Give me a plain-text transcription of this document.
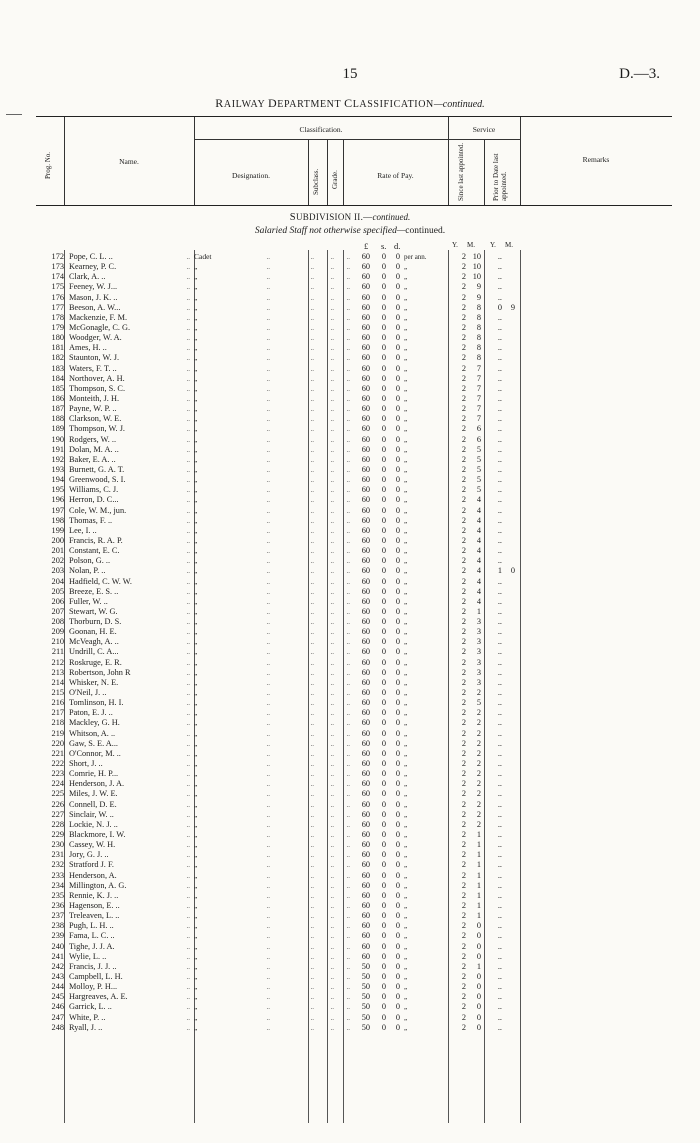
15	D.—3.
RAILWAY DEPARTMENT CLASSIFICATION—continued.
Prog. No.	Name.
Classification.
Designation.	Subclass. Grade.	Rate of Pay.
Service
Since last appointed.	Prior to Date last appointed.
Remarks
SUBDIVISION II.—continued.
Salaried Staff not otherwise specified—continued.
£ s. d.	Y. M. Y. M.
172 Pope, C. L. ..	.. Cadet	..	..	..	..	60	0	0 per ann.	2 10	..
173 Kearney, P. C.	.. „	..	..	..	..	60	0	0 „	2 10	..
174 Clark, A. ..	.. „	..	..	..	..	60	0	0 „	2 10	..
175 Feeney, W. J...	.. „	..	..	..	..	60	0	0 „	2	9	..
176 Mason, J. K. ..	.. „	..	..	..	..	60	0	0 „	2	9	..
177 Beeson, A. W...	.. „	..	..	..	..	60	0	0 „	2	8	0	9
178 Mackenzie, F. M.	.. „	..	..	..	..	60	0	0 „	2	8	..
179 McGonagle, C. G.	.. „	..	..	..	..	60	0	0 „	2	8	..
180 Woodger, W. A.	.. „	..	..	..	..	60	0	0 „	2	8	..
181 Ames, H. ..	.. „	..	..	..	..	60	0	0 „	2	8	..
182 Staunton, W. J.	.. „	..	..	..	..	60	0	0 „	2	8	..
183 Waters, F. T. ..	.. „	..	..	..	..	60	0	0 „	2	7	..
184 Northover, A. H.	.. „	..	..	..	..	60	0	0 „	2	7	..
185 Thompson, S. C.	.. „	..	..	..	..	60	0	0 „	2	7	..
186 Monteith, J. H.	.. „	..	..	..	..	60	0	0 „	2	7	..
187 Payne, W. P. ..	.. „	..	..	..	..	60	0	0 „	2	7	..
188 Clarkson, W. E.	.. „	..	..	..	..	60	0	0 „	2	7	..
189 Thompson, W. J.	.. „	..	..	..	..	60	0	0 „	2	6	..
190 Rodgers, W. ..	.. „	..	..	..	..	60	0	0 „	2	6	..
191 Dolan, M. A. ..	.. „	..	..	..	..	60	0	0 „	2	5	..
192 Baker, E. A. ..	.. „	..	..	..	..	60	0	0 „	2	5	..
193 Burnett, G. A. T.	.. „	..	..	..	..	60	0	0 „	2	5	..
194 Greenwood, S. I.	.. „	..	..	..	..	60	0	0 „	2	5	..
195 Williams, C. J.	.. „	..	..	..	..	60	0	0 „	2	5	..
196 Herron, D. C...	.. „	..	..	..	..	60	0	0 „	2	4	..
197 Cole, W. M., jun.	.. „	..	..	..	..	60	0	0 „	2	4	..
198 Thomas, F. ..	.. „	..	..	..	..	60	0	0 „	2	4	..
199 Lee, I. ..	.. „	..	..	..	..	60	0	0 „	2	4	..
200 Francis, R. A. P.	.. „	..	..	..	..	60	0	0 „	2	4	..
201 Constant, E. C.	.. „	..	..	..	..	60	0	0 „	2	4	..
202 Polson, G. ..	.. „	..	..	..	..	60	0	0 „	2	4	..
203 Nolan, P. ..	.. „	..	..	..	..	60	0	0 „	2	4	1	0
204 Hadfield, C. W. W.	.. „	..	..	..	..	60	0	0 „	2	4	..
205 Breeze, E. S. ..	.. „	..	..	..	..	60	0	0 „	2	4	..
206 Fuller, W. ..	.. „	..	..	..	..	60	0	0 „	2	4	..
207 Stewart, W. G.	.. „	..	..	..	..	60	0	0 „	2	1	..
208 Thorburn, D. S.	.. „	..	..	..	..	60	0	0 „	2	3	..
209 Goonan, H. E.	.. „	..	..	..	..	60	0	0 „	2	3	..
210 McVeagh, A. ..	.. „	..	..	..	..	60	0	0 „	2	3	..
211 Undrill, C. A...	.. „	..	..	..	..	60	0	0 „	2	3	..
212 Roskruge, E. R.	.. „	..	..	..	..	60	0	0 „	2	3	..
213 Robertson, John R	.. „	..	..	..	..	60	0	0 „	2	3	..
214 Whisker, N. E.	.. „	..	..	..	..	60	0	0 „	2	3	..
215 O'Neil, J. ..	.. „	..	..	..	..	60	0	0 „	2	2	..
216 Tomlinson, H. I.	.. „	..	..	..	..	60	0	0 „	2	5	..
217 Paton, E. J. ..	.. „	..	..	..	..	60	0	0 „	2	2	..
218 Mackley, G. H.	.. „	..	..	..	..	60	0	0 „	2	2	..
219 Whitson, A. ..	.. „	..	..	..	..	60	0	0 „	2	2	..
220 Gaw, S. E. A...	.. „	..	..	..	..	60	0	0 „	2	2	..
221 O'Connor, M. ..	.. „	..	..	..	..	60	0	0 „	2	2	..
222 Short, J. ..	.. „	..	..	..	..	60	0	0 „	2	2	..
223 Comrie, H. P...	.. „	..	..	..	..	60	0	0 „	2	2	..
224 Henderson, J. A.	.. „	..	..	..	..	60	0	0 „	2	2	..
225 Miles, J. W. E.	.. „	..	..	..	..	60	0	0 „	2	2	..
226 Connell, D. E.	.. „	..	..	..	..	60	0	0 „	2	2	..
227 Sinclair, W. ..	.. „	..	..	..	..	60	0	0 „	2	2	..
228 Lockie, N. J. ..	.. „	..	..	..	..	60	0	0 „	2	2	..
229 Blackmore, I. W.	.. „	..	..	..	..	60	0	0 „	2	1	..
230 Cassey, W. H.	.. „	..	..	..	..	60	0	0 „	2	1	..
231 Jory, G. J. ..	.. „	..	..	..	..	60	0	0 „	2	1	..
232 Stratford J. F.	.. „	..	..	..	..	60	0	0 „	2	1	..
233 Henderson, A.	.. „	..	..	..	..	60	0	0 „	2	1	..
234 Millington, A. G.	.. „	..	..	..	..	60	0	0 „	2	1	..
235 Rennie, K. J. ..	.. „	..	..	..	..	60	0	0 „	2	1	..
236 Hagenson, E. ..	.. „	..	..	..	..	60	0	0 „	2	1	..
237 Treleaven, L. ..	.. „	..	..	..	..	60	0	0 „	2	1	..
238 Pugh, L. H. ..	.. „	..	..	..	..	60	0	0 „	2	0	..
239 Fama, L. C. ..	.. „	..	..	..	..	60	0	0 „	2	0	..
240 Tighe, J. J. A.	.. „	..	..	..	..	60	0	0 „	2	0	..
241 Wylie, L. ..	.. „	..	..	..	..	60	0	0 „	2	0	..
242 Francis, J. J. ..	.. „	..	..	..	..	50	0	0 „	2	1	..
243 Campbell, L. H.	.. „	..	..	..	..	50	0	0 „	2	0	..
244 Molloy, P. H...	.. „	..	..	..	..	50	0	0 „	2	0	..
245 Hargreaves, A. E.	.. „	..	..	..	..	50	0	0 „	2	0	..
246 Garrick, L. ..	.. „	..	..	..	..	50	0	0 „	2	0	..
247 White, P. ..	.. „	..	..	..	..	50	0	0 „	2	0	..
248 Ryall, J. ..	.. „	..	..	..	..	50	0	0 „	2	0	..
